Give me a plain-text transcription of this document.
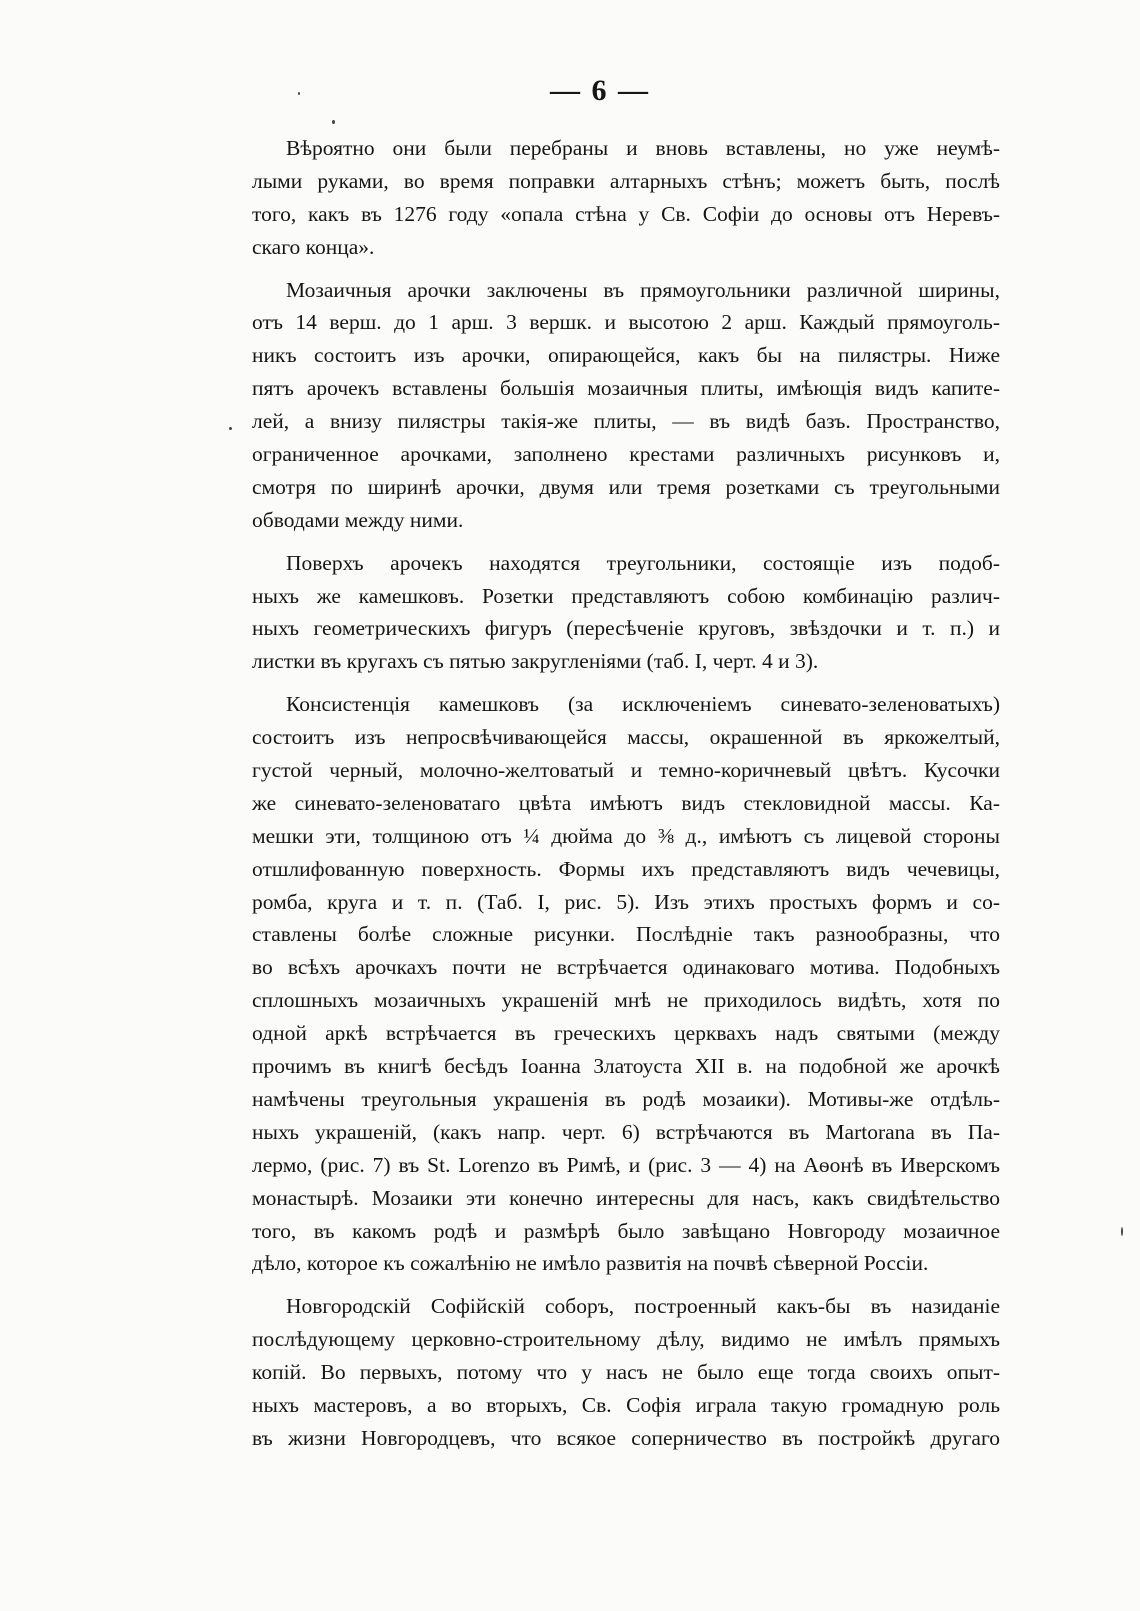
— 6 —
Вѣроятно они были перебраны и вновь вставлены, но уже неумѣ-
лыми руками, во время поправки алтарныхъ стѣнъ; можетъ быть, послѣ
того, какъ въ 1276 году «опала стѣна у Св. Софіи до основы отъ Неревъ-
скаго конца».
Мозаичныя арочки заключены въ прямоугольники различной ширины,
отъ 14 верш. до 1 арш. 3 вершк. и высотою 2 арш. Каждый прямоуголь-
никъ состоитъ изъ арочки, опирающейся, какъ бы на пилястры. Ниже
пятъ арочекъ вставлены большія мозаичныя плиты, имѣющія видъ капите-
лей, а внизу пилястры такія-же плиты, — въ видѣ базъ. Пространство,
ограниченное арочками, заполнено крестами различныхъ рисунковъ и,
смотря по ширинѣ арочки, двумя или тремя розетками съ треугольными
обводами между ними.
Поверхъ арочекъ находятся треугольники, состоящіе изъ подоб-
ныхъ же камешковъ. Розетки представляютъ собою комбинацію различ-
ныхъ геометрическихъ фигуръ (пересѣченіе круговъ, звѣздочки и т. п.) и
листки въ кругахъ съ пятью закругленіями (таб. I, черт. 4 и 3).
Консистенція камешковъ (за исключеніемъ синевато-зеленоватыхъ)
состоитъ изъ непросвѣчивающейся массы, окрашенной въ яркожелтый,
густой черный, молочно-желтоватый и темно-коричневый цвѣтъ. Кусочки
же синевато-зеленоватаго цвѣта имѣютъ видъ стекловидной массы. Ка-
мешки эти, толщиною отъ ¼ дюйма до ⅜ д., имѣютъ съ лицевой стороны
отшлифованную поверхность. Формы ихъ представляютъ видъ чечевицы,
ромба, круга и т. п. (Таб. I, рис. 5). Изъ этихъ простыхъ формъ и со-
ставлены болѣе сложные рисунки. Послѣдніе такъ разнообразны, что
во всѣхъ арочкахъ почти не встрѣчается одинаковаго мотива. Подобныхъ
сплошныхъ мозаичныхъ украшеній мнѣ не приходилось видѣть, хотя по
одной аркѣ встрѣчается въ греческихъ церквахъ надъ святыми (между
прочимъ въ книгѣ бесѣдъ Іоанна Златоуста XII в. на подобной же арочкѣ
намѣчены треугольныя украшенія въ родѣ мозаики). Мотивы-же отдѣль-
ныхъ украшеній, (какъ напр. черт. 6) встрѣчаются въ Martorana въ Па-
лермо, (рис. 7) въ St. Lorenzo въ Римѣ, и (рис. 3 — 4) на Аѳонѣ въ Иверскомъ
монастырѣ. Мозаики эти конечно интересны для насъ, какъ свидѣтельство
того, въ какомъ родѣ и размѣрѣ было завѣщано Новгороду мозаичное
дѣло, которое къ сожалѣнію не имѣло развитія на почвѣ сѣверной Россіи.
Новгородскій Софійскій соборъ, построенный какъ-бы въ назиданіе
послѣдующему церковно-строительному дѣлу, видимо не имѣлъ прямыхъ
копій. Во первыхъ, потому что у насъ не было еще тогда своихъ опыт-
ныхъ мастеровъ, а во вторыхъ, Св. Софія играла такую громадную роль
въ жизни Новгородцевъ, что всякое соперничество въ постройкѣ другаго
